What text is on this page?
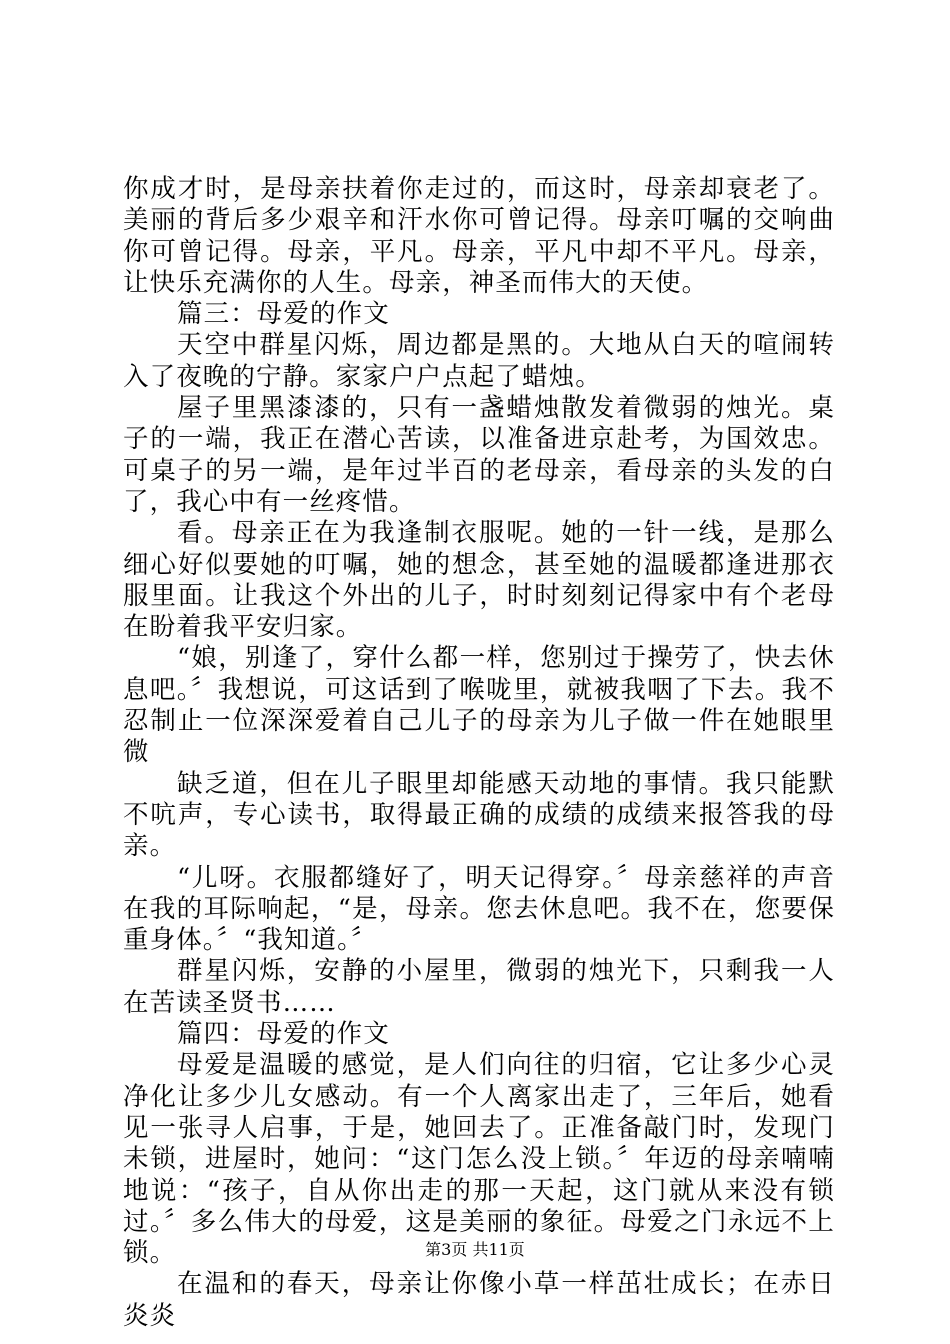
你成才时，是母亲扶着你走过的，而这时，母亲却衰老了。美丽的背后多少艰辛和汗水你可曾记得。母亲叮嘱的交响曲你可曾记得。母亲，平凡。母亲，平凡中却不平凡。母亲，让快乐充满你的人生。母亲，神圣而伟大的天使。

篇三：母爱的作文

天空中群星闪烁，周边都是黑的。大地从白天的喧闹转入了夜晚的宁静。家家户户点起了蜡烛。

屋子里黑漆漆的，只有一盏蜡烛散发着微弱的烛光。桌子的一端，我正在潜心苦读，以准备进京赴考，为国效忠。可桌子的另一端，是年过半百的老母亲，看母亲的头发的白了，我心中有一丝疼惜。

看。母亲正在为我逢制衣服呢。她的一针一线，是那么细心好似要她的叮嘱，她的想念，甚至她的温暖都逢进那衣服里面。让我这个外出的儿子，时时刻刻记得家中有个老母在盼着我平安归家。

“娘，别逢了，穿什么都一样，您别过于操劳了，快去休息吧。〞我想说，可这话到了喉咙里，就被我咽了下去。我不忍制止一位深深爱着自己儿子的母亲为儿子做一件在她眼里微

缺乏道，但在儿子眼里却能感天动地的事情。我只能默不吭声，专心读书，取得最正确的成绩的成绩来报答我的母亲。

“儿呀。衣服都缝好了，明天记得穿。〞母亲慈祥的声音在我的耳际响起，“是，母亲。您去休息吧。我不在，您要保重身体。〞“我知道。〞

群星闪烁，安静的小屋里，微弱的烛光下，只剩我一人在苦读圣贤书……

篇四：母爱的作文

母爱是温暖的感觉，是人们向往的归宿，它让多少心灵净化让多少儿女感动。有一个人离家出走了，三年后，她看见一张寻人启事，于是，她回去了。正准备敲门时，发现门未锁，进屋时，她问：“这门怎么没上锁。〞年迈的母亲喃喃地说：“孩子，自从你出走的那一天起，这门就从来没有锁过。〞多么伟大的母爱，这是美丽的象征。母爱之门永远不上锁。

在温和的春天，母亲让你像小草一样茁壮成长；在赤日炎炎

第3页 共11页
